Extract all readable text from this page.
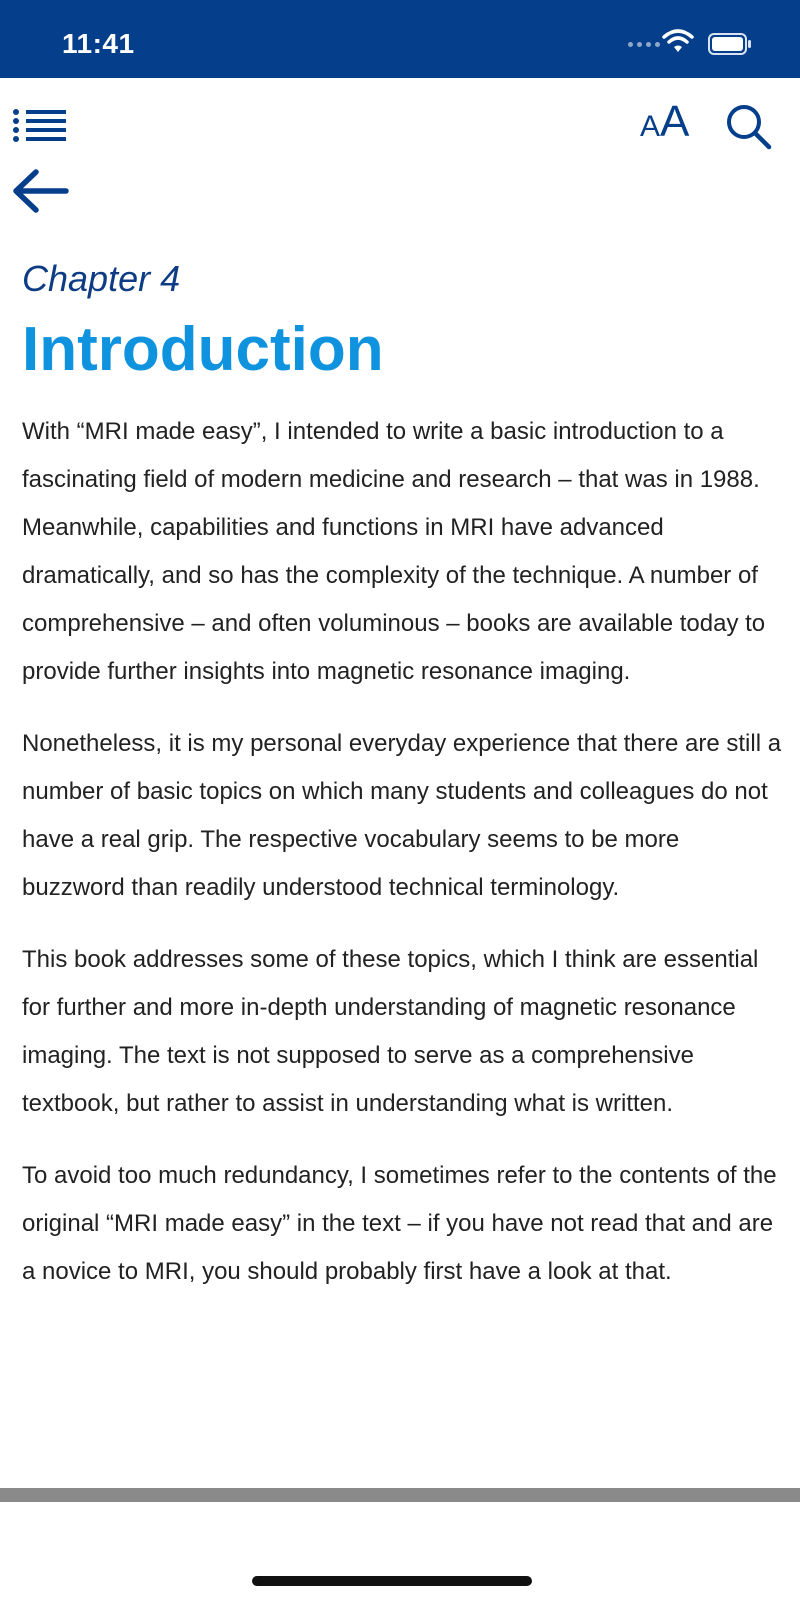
11:41
AA
Chapter 4
Introduction

With “MRI made easy”, I intended to write a basic introduction to a fascinating field of modern medicine and research – that was in 1988. Meanwhile, capabilities and functions in MRI have advanced dramatically, and so has the complexity of the technique. A number of comprehensive – and often voluminous – books are available today to provide further insights into magnetic resonance imaging.

Nonetheless, it is my personal everyday experience that there are still a number of basic topics on which many students and colleagues do not have a real grip. The respective vocabulary seems to be more buzzword than readily understood technical terminology.

This book addresses some of these topics, which I think are essential for further and more in-depth understanding of magnetic resonance imaging. The text is not supposed to serve as a comprehensive textbook, but rather to assist in understanding what is written.

To avoid too much redundancy, I sometimes refer to the contents of the original “MRI made easy” in the text – if you have not read that and are a novice to MRI, you should probably first have a look at that.
